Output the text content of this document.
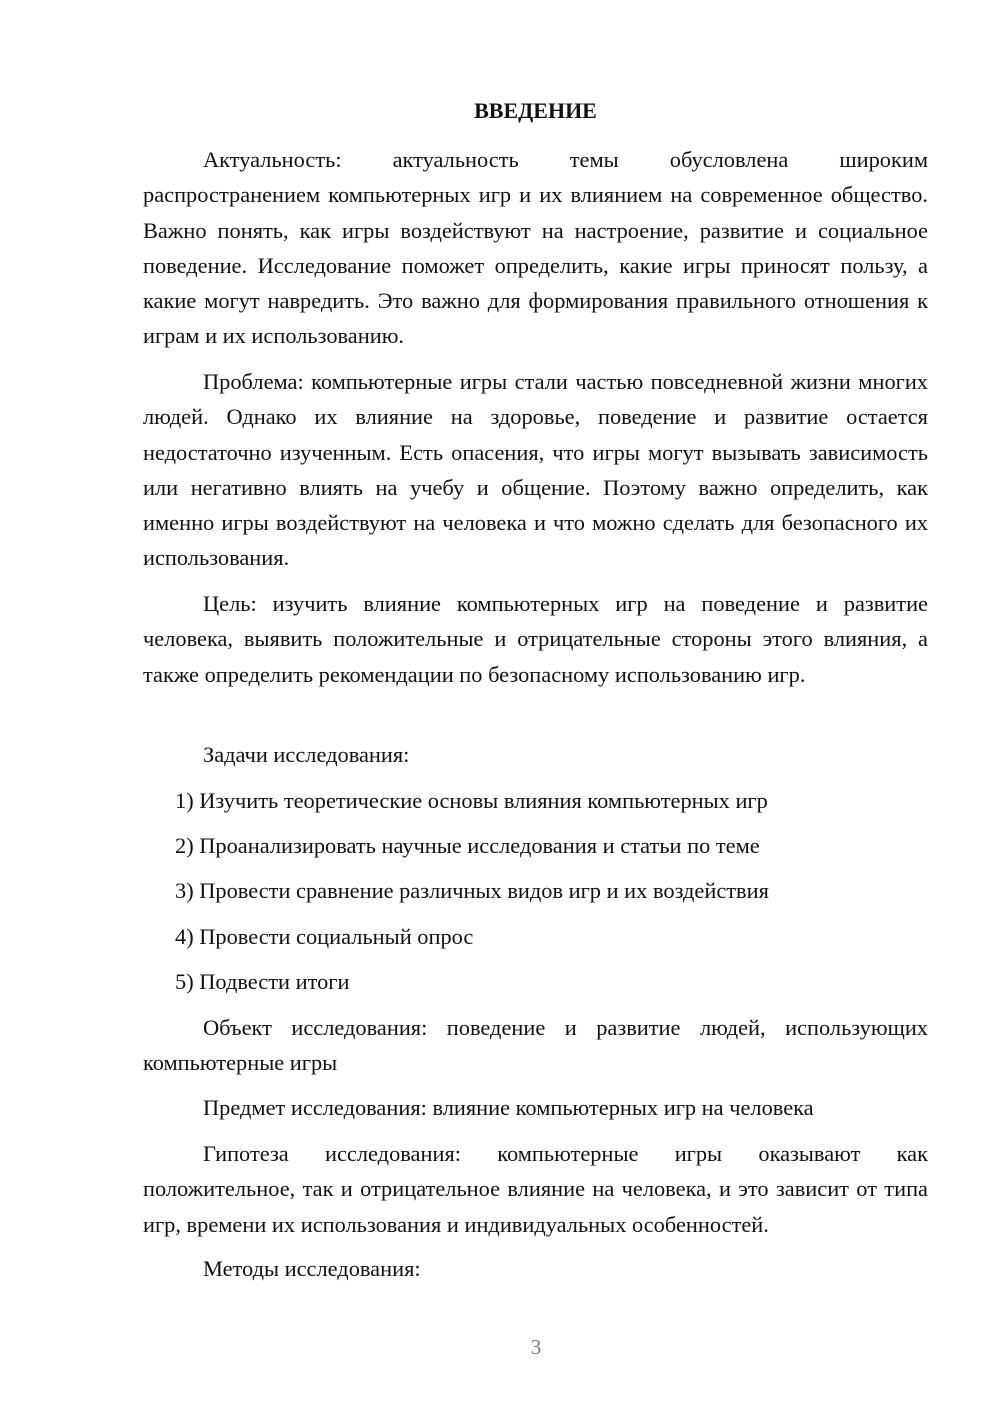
ВВЕДЕНИЕ

Актуальность: актуальность темы обусловлена широким распространением компьютерных игр и их влиянием на современное общество. Важно понять, как игры воздействуют на настроение, развитие и социальное поведение. Исследование поможет определить, какие игры приносят пользу, а какие могут навредить. Это важно для формирования правильного отношения к играм и их использованию.

Проблема: компьютерные игры стали частью повседневной жизни многих людей. Однако их влияние на здоровье, поведение и развитие остается недостаточно изученным. Есть опасения, что игры могут вызывать зависимость или негативно влиять на учебу и общение. Поэтому важно определить, как именно игры воздействуют на человека и что можно сделать для безопасного их использования.

Цель: изучить влияние компьютерных игр на поведение и развитие человека, выявить положительные и отрицательные стороны этого влияния, а также определить рекомендации по безопасному использованию игр.

Задачи исследования:

1) Изучить теоретические основы влияния компьютерных игр

2) Проанализировать научные исследования и статьи по теме

3) Провести сравнение различных видов игр и их воздействия

4) Провести социальный опрос

5) Подвести итоги

Объект исследования: поведение и развитие людей, использующих компьютерные игры

Предмет исследования: влияние компьютерных игр на человека

Гипотеза исследования: компьютерные игры оказывают как положительное, так и отрицательное влияние на человека, и это зависит от типа игр, времени их использования и индивидуальных особенностей.

Методы исследования:

3
